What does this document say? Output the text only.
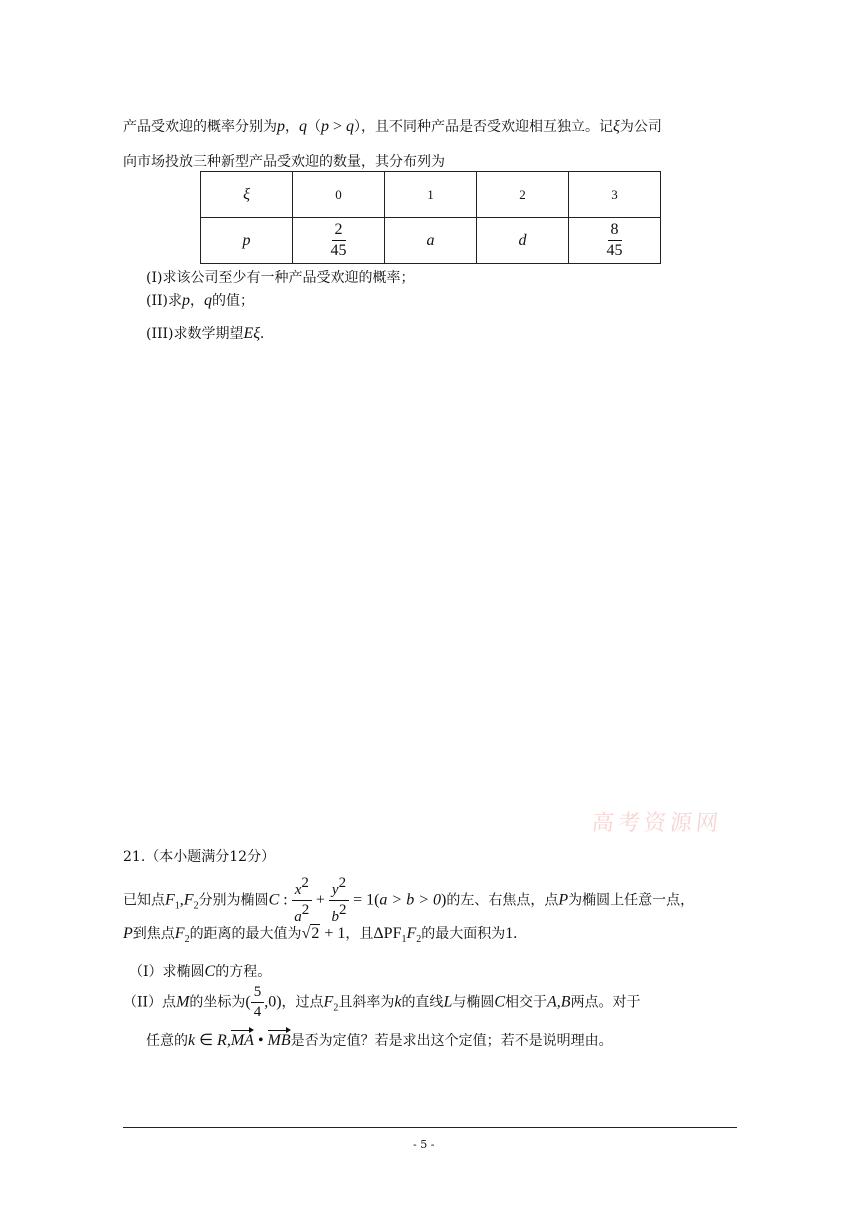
产品受欢迎的概率分别为p，q（p > q），且不同种产品是否受欢迎相互独立。记ξ为公司
向市场投放三种新型产品受欢迎的数量，其分布列为
ξ	0	1	2	3
p	$\frac{2}{45}$	a	d	$\frac{8}{45}$
(I)求该公司至少有一种产品受欢迎的概率；
(II)求p，q的值；
(III)求数学期望Eξ.
高考资源网
21.（本小题满分12分）
已知点$F_1,F_2$分别为椭圆C : $\frac{x2}{a2} + \frac{y2}{b2} = 1(a > b > 0)$的左、右焦点，点P为椭圆上任意一点，
P到焦点$F_2$的距离的最大值为√2 + 1，且$\Delta PF_1F_2$的最大面积为1.
（I）求椭圆C的方程。
（II）点M的坐标为( $\frac{5}{4} ,0$)，过点$F_2$且斜率为k的直线L与椭圆C相交于A,B两点。对于
任意的k ∈ R,MA • MB是否为定值？若是求出这个定值；若不是说明理由。
- 5 -
